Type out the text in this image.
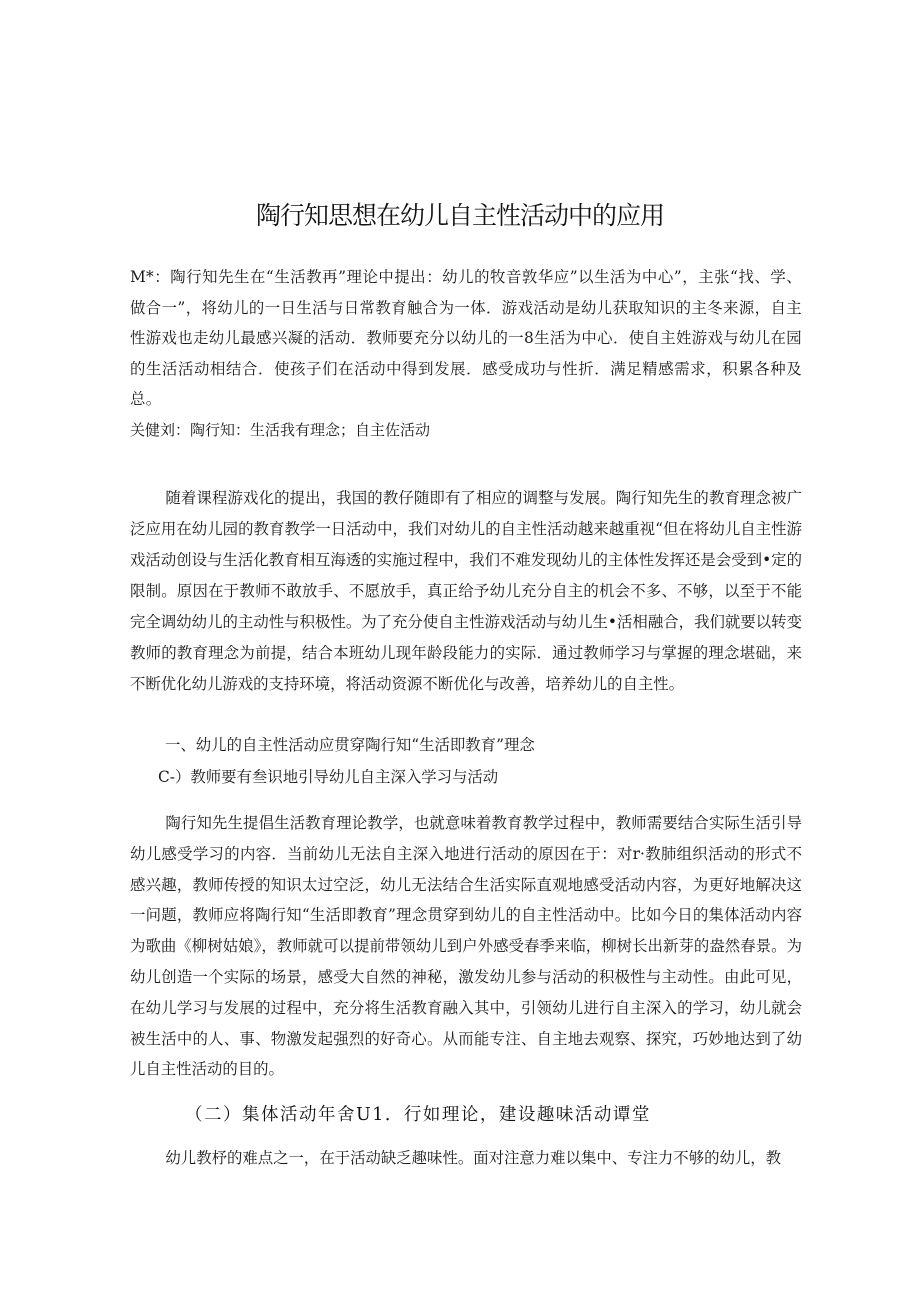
陶行知思想在幼儿自主性活动中的应用
M*：陶行知先生在“生活教再”理论中提出：幼儿的牧音敦华应”以生活为中心”，主张“找、学、做合一”，将幼儿的一日生活与日常教育触合为一体．游戏活动是幼儿获取知识的主冬来源，自主性游戏也走幼儿最感兴凝的活动．教师要充分以幼儿的一8生活为中心．使自主姓游戏与幼儿在园的生活活动相结合．使孩子们在活动中得到发展．感受成功与性折．满足精感需求，积累各种及总。
关健刘：陶行知：生活我有理念；自主佐活动
随着课程游戏化的提出，我国的教仔随即有了相应的调整与发展。陶行知先生的教育理念被广泛应用在幼儿园的教育教学一日活动中，我们对幼儿的自主性活动越来越重视“但在将幼儿自主性游戏活动创设与生活化教育相互海透的实施过程中，我们不难发现幼儿的主体性发挥还是会受到•定的限制。原因在于教师不敢放手、不愿放手，真正给予幼儿充分自主的机会不多、不够，以至于不能完全调幼幼儿的主动性与积极性。为了充分使自主性游戏活动与幼儿生•活相融合，我们就要以转变教师的教育理念为前提，结合本班幼儿现年龄段能力的实际．通过教师学习与掌握的理念堪础，来不断优化幼儿游戏的支持环境，将活动资源不断优化与改善，培养幼儿的自主性。
一、幼儿的自主性活动应贯穿陶行知“生活即教育”理念
C-）教师要有叁识地引导幼儿自主深入学习与活动
陶行知先生提倡生活教育理论教学，也就意味着教育教学过程中，教师需要结合实际生活引导幼儿感受学习的内容．当前幼儿无法自主深入地进行活动的原因在于：对r·教肺组织活动的形式不感兴趣，教师传授的知识太过空泛，幼儿无法结合生活实际直观地感受活动内容，为更好地解决这一问题，教师应将陶行知“生活即教育”理念贯穿到幼儿的自主性活动中。比如今日的集体活动内容为歌曲《柳树姑娘》，教师就可以提前带领幼儿到户外感受春季来临，柳树长出新芽的盎然春景。为幼儿创造一个实际的场景，感受大自然的神秘，激发幼儿参与活动的积极性与主动性。由此可见，在幼儿学习与发展的过程中，充分将生活教育融入其中，引领幼儿进行自主深入的学习，幼儿就会被生活中的人、事、物激发起强烈的好奇心。从而能专注、自主地去观察、探究，巧妙地达到了幼儿自主性活动的目的。
（二）集体活动年舍U1．行如理论，建设趣味活动谭堂
幼儿教杼的难点之一，在于活动缺乏趣味性。面对注意力难以集中、专注力不够的幼儿，教
